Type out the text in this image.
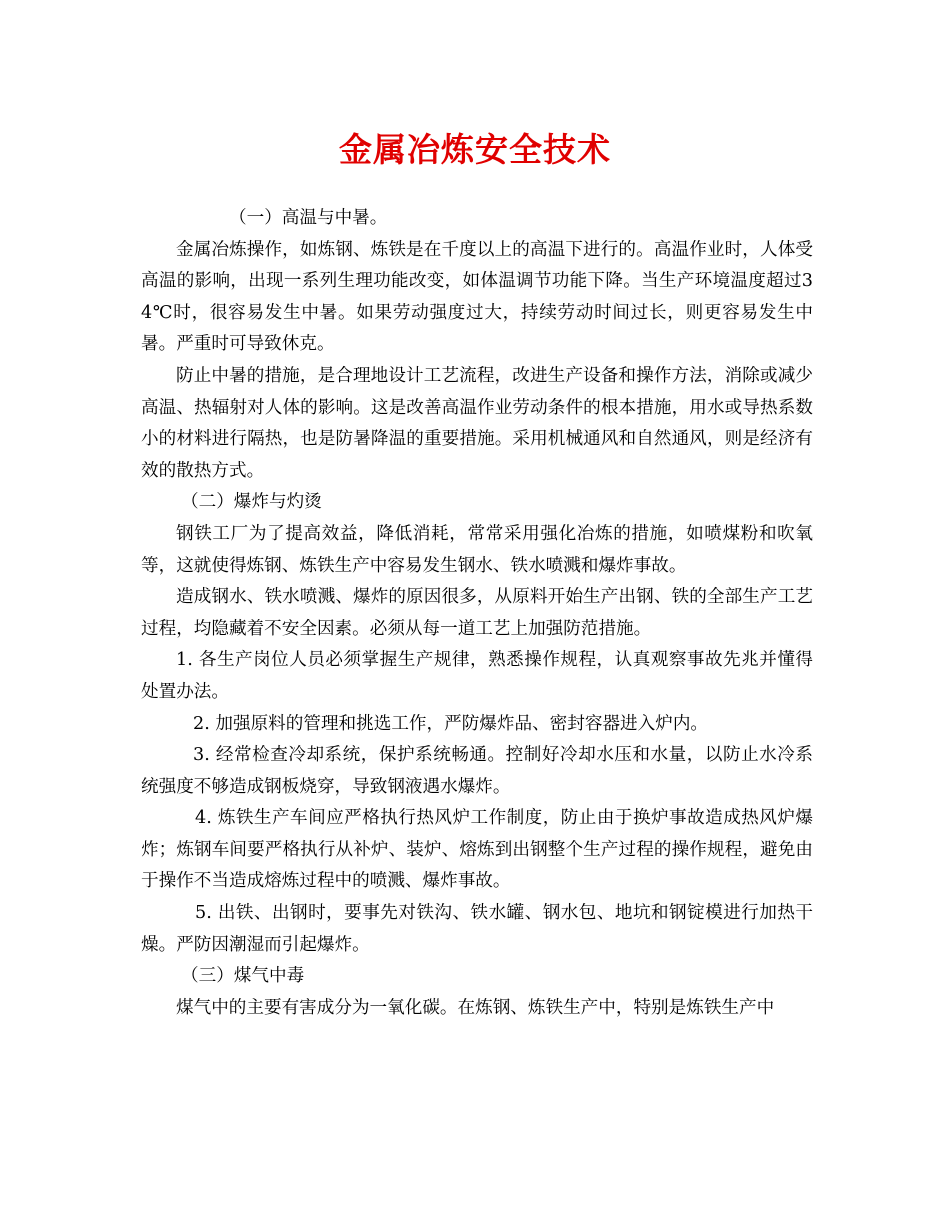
金属冶炼安全技术

（一）高温与中暑。

金属冶炼操作，如炼钢、炼铁是在千度以上的高温下进行的。高温作业时，人体受高温的影响，出现一系列生理功能改变，如体温调节功能下降。当生产环境温度超过34℃时，很容易发生中暑。如果劳动强度过大，持续劳动时间过长，则更容易发生中暑。严重时可导致休克。

防止中暑的措施，是合理地设计工艺流程，改进生产设备和操作方法，消除或减少高温、热辐射对人体的影响。这是改善高温作业劳动条件的根本措施，用水或导热系数小的材料进行隔热，也是防暑降温的重要措施。采用机械通风和自然通风，则是经济有效的散热方式。

（二）爆炸与灼烫

钢铁工厂为了提高效益，降低消耗，常常采用强化冶炼的措施，如喷煤粉和吹氧等，这就使得炼钢、炼铁生产中容易发生钢水、铁水喷溅和爆炸事故。

造成钢水、铁水喷溅、爆炸的原因很多，从原料开始生产出钢、铁的全部生产工艺过程，均隐藏着不安全因素。必须从每一道工艺上加强防范措施。

1. 各生产岗位人员必须掌握生产规律，熟悉操作规程，认真观察事故先兆并懂得处置办法。

2. 加强原料的管理和挑选工作，严防爆炸品、密封容器进入炉内。

3. 经常检查冷却系统，保护系统畅通。控制好冷却水压和水量，以防止水冷系统强度不够造成钢板烧穿，导致钢液遇水爆炸。

4. 炼铁生产车间应严格执行热风炉工作制度，防止由于换炉事故造成热风炉爆炸；炼钢车间要严格执行从补炉、装炉、熔炼到出钢整个生产过程的操作规程，避免由于操作不当造成熔炼过程中的喷溅、爆炸事故。

5. 出铁、出钢时，要事先对铁沟、铁水罐、钢水包、地坑和钢锭模进行加热干燥。严防因潮湿而引起爆炸。

（三）煤气中毒

煤气中的主要有害成分为一氧化碳。在炼钢、炼铁生产中，特别是炼铁生产中
